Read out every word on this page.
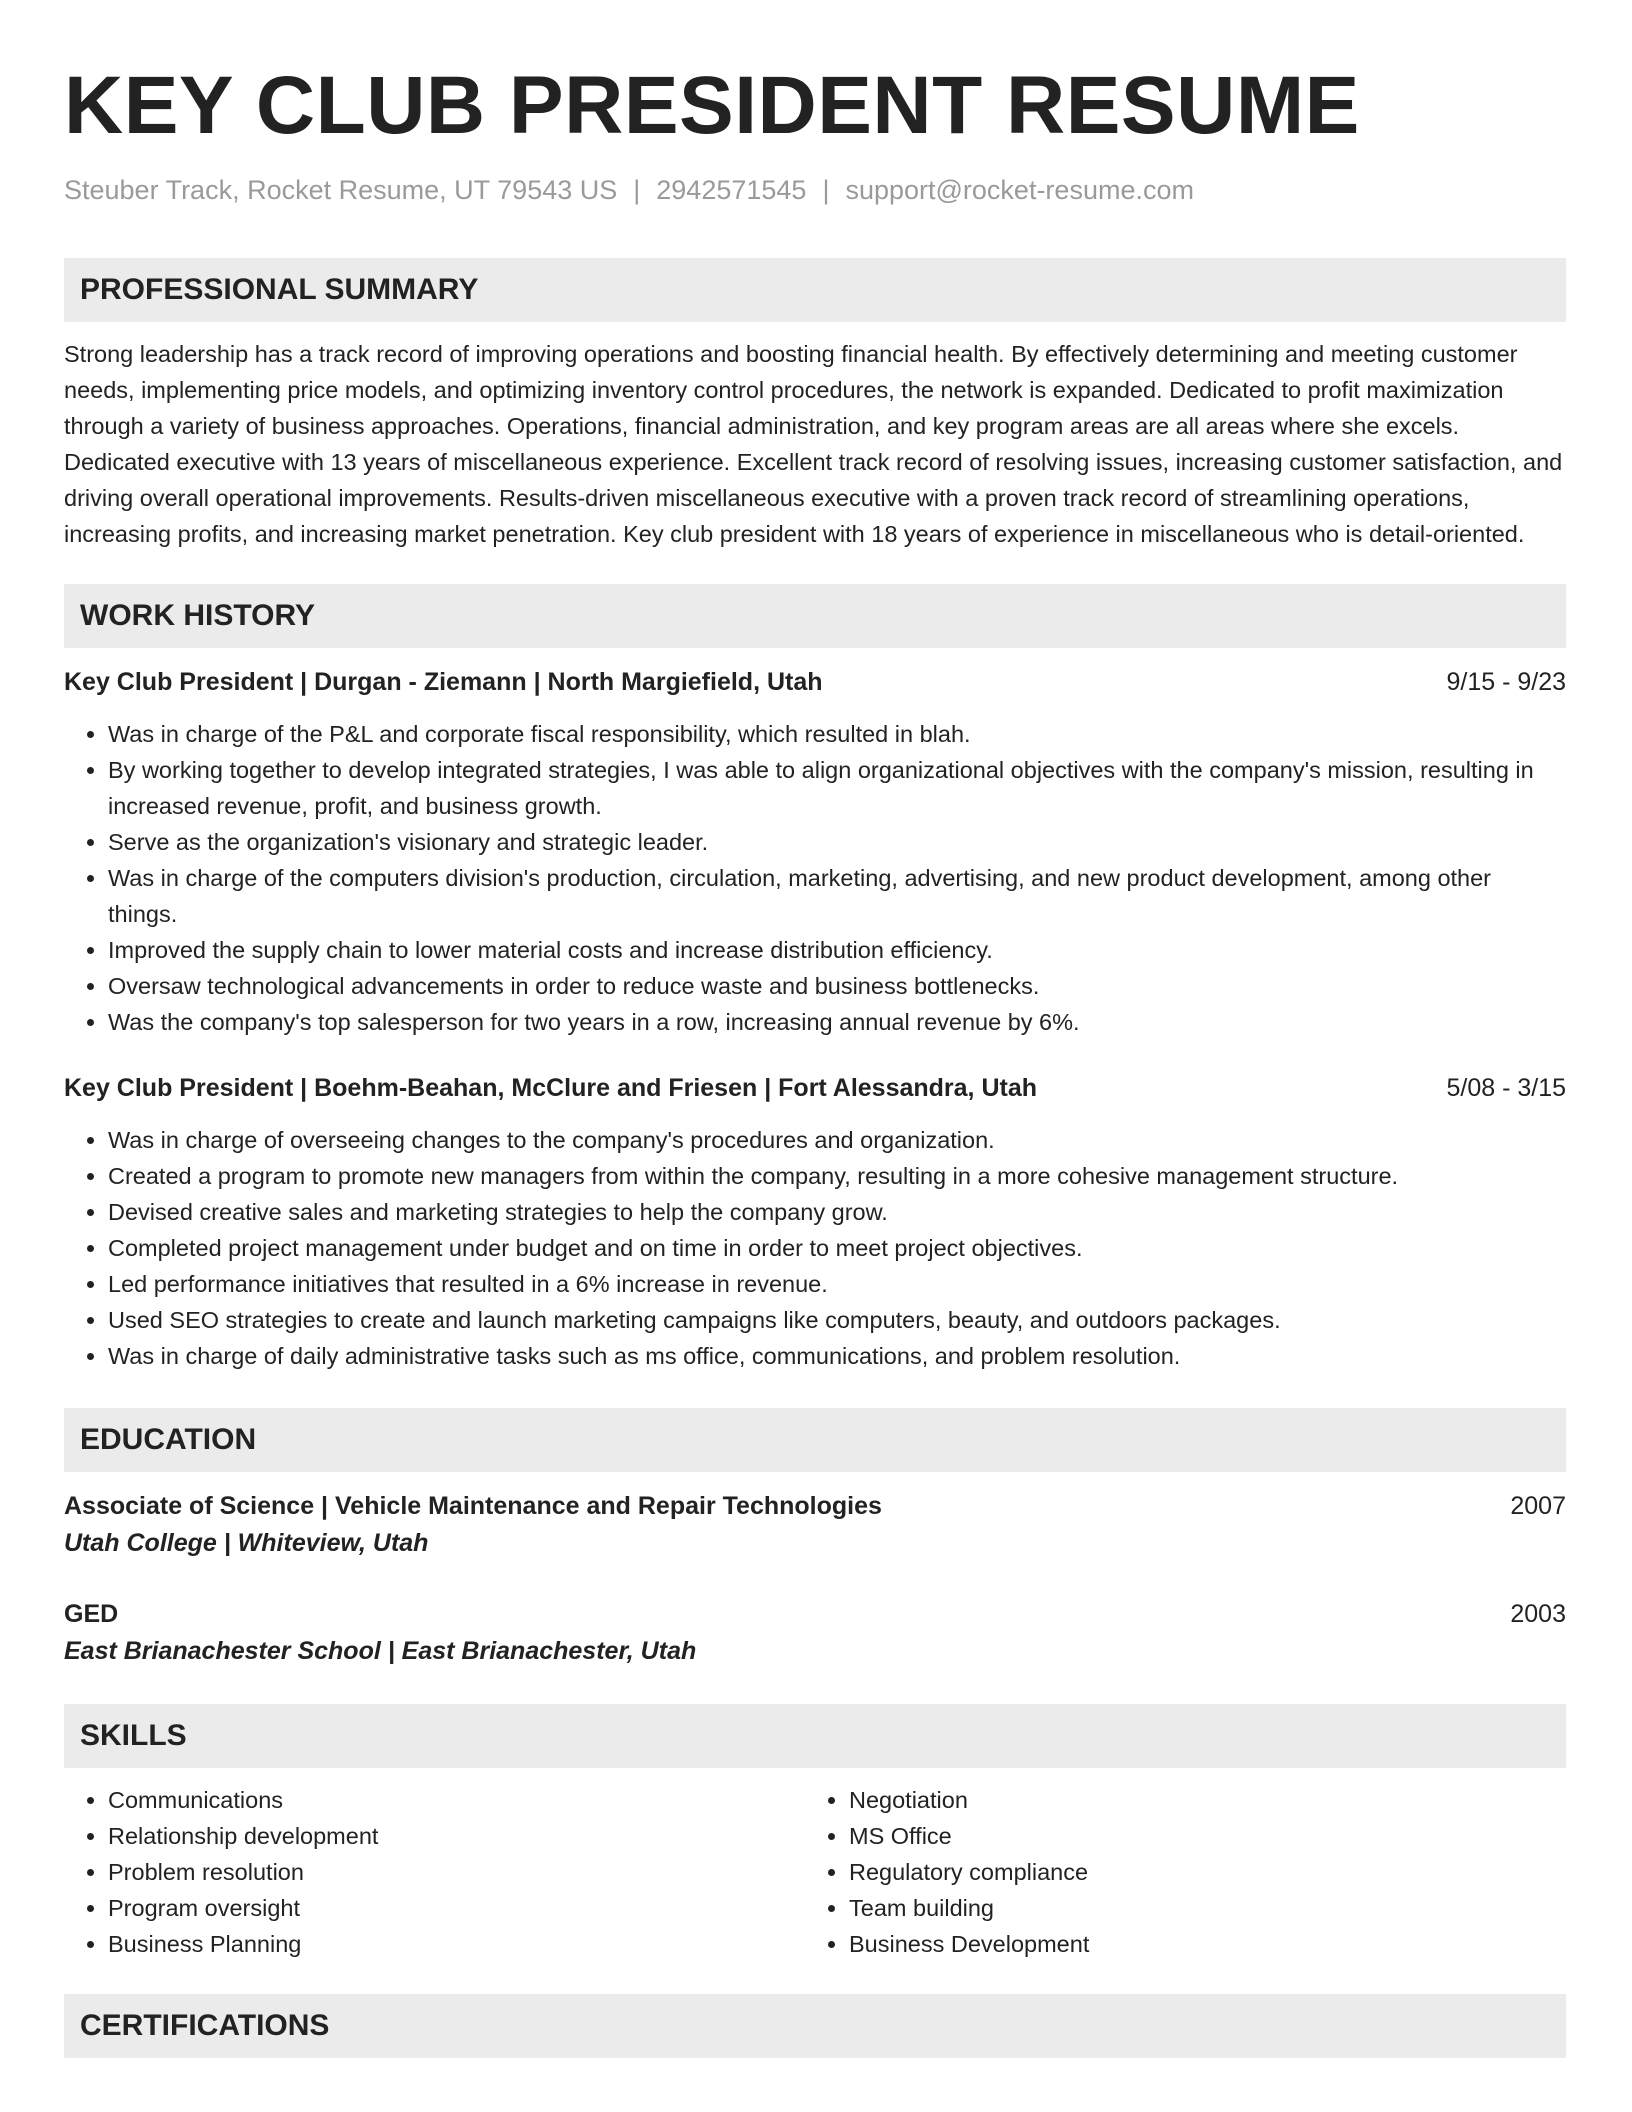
KEY CLUB PRESIDENT RESUME
Steuber Track, Rocket Resume, UT 79543 US | 2942571545 | support@rocket-resume.com
PROFESSIONAL SUMMARY
Strong leadership has a track record of improving operations and boosting financial health. By effectively determining and meeting customer needs, implementing price models, and optimizing inventory control procedures, the network is expanded. Dedicated to profit maximization through a variety of business approaches. Operations, financial administration, and key program areas are all areas where she excels. Dedicated executive with 13 years of miscellaneous experience. Excellent track record of resolving issues, increasing customer satisfaction, and driving overall operational improvements. Results-driven miscellaneous executive with a proven track record of streamlining operations, increasing profits, and increasing market penetration. Key club president with 18 years of experience in miscellaneous who is detail-oriented.
WORK HISTORY
Key Club President | Durgan - Ziemann | North Margiefield, Utah	9/15 - 9/23
• Was in charge of the P&L and corporate fiscal responsibility, which resulted in blah.
• By working together to develop integrated strategies, I was able to align organizational objectives with the company's mission, resulting in increased revenue, profit, and business growth.
• Serve as the organization's visionary and strategic leader.
• Was in charge of the computers division's production, circulation, marketing, advertising, and new product development, among other things.
• Improved the supply chain to lower material costs and increase distribution efficiency.
• Oversaw technological advancements in order to reduce waste and business bottlenecks.
• Was the company's top salesperson for two years in a row, increasing annual revenue by 6%.
Key Club President | Boehm-Beahan, McClure and Friesen | Fort Alessandra, Utah	5/08 - 3/15
• Was in charge of overseeing changes to the company's procedures and organization.
• Created a program to promote new managers from within the company, resulting in a more cohesive management structure.
• Devised creative sales and marketing strategies to help the company grow.
• Completed project management under budget and on time in order to meet project objectives.
• Led performance initiatives that resulted in a 6% increase in revenue.
• Used SEO strategies to create and launch marketing campaigns like computers, beauty, and outdoors packages.
• Was in charge of daily administrative tasks such as ms office, communications, and problem resolution.
EDUCATION
Associate of Science | Vehicle Maintenance and Repair Technologies	2007
Utah College | Whiteview, Utah
GED	2003
East Brianachester School | East Brianachester, Utah
SKILLS
• Communications
• Relationship development
• Problem resolution
• Program oversight
• Business Planning
• Negotiation
• MS Office
• Regulatory compliance
• Team building
• Business Development
CERTIFICATIONS
